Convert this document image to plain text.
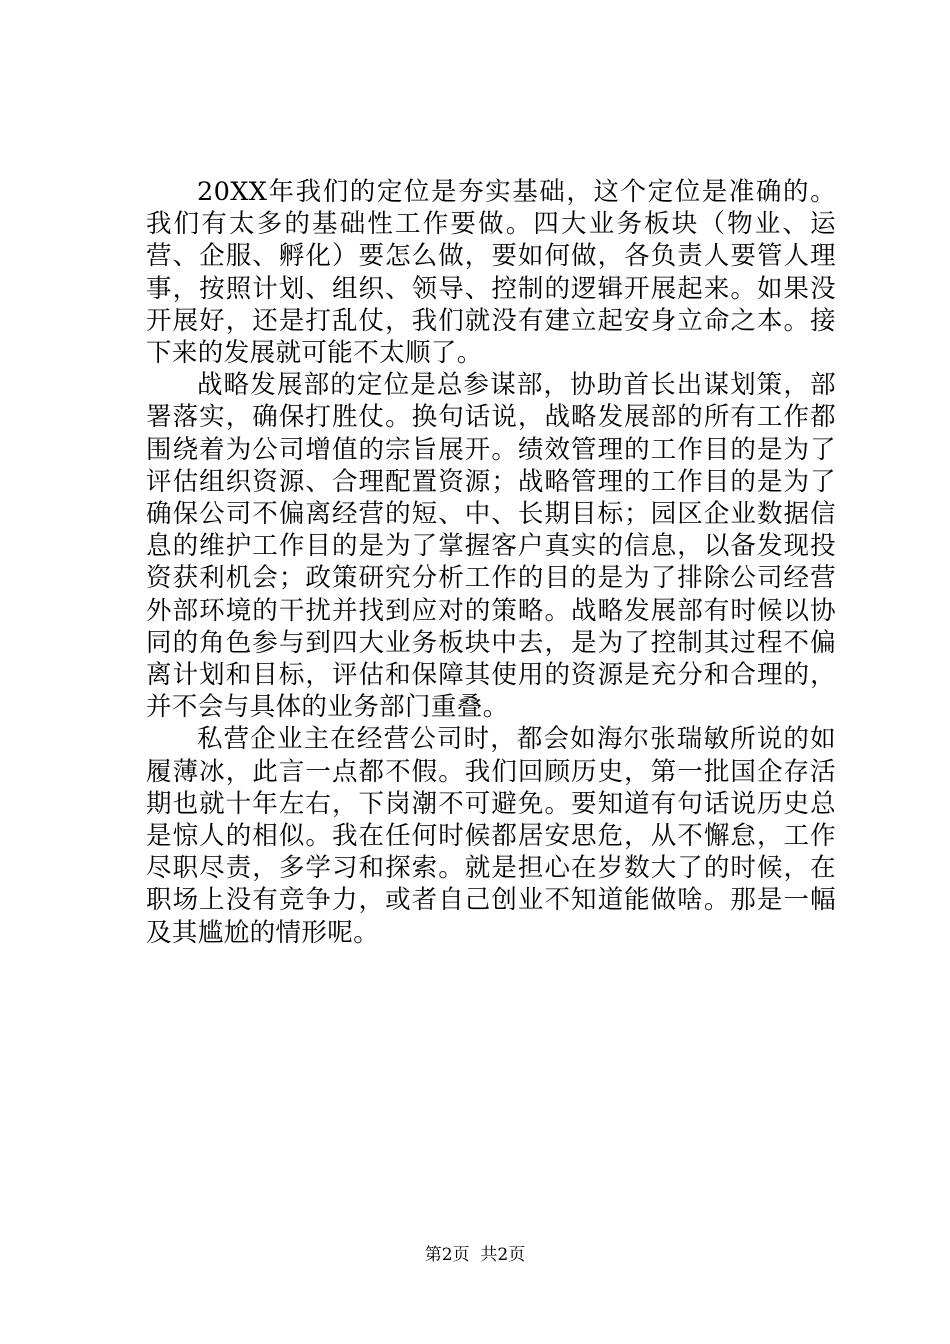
20XX年我们的定位是夯实基础，这个定位是准确的。我们有太多的基础性工作要做。四大业务板块（物业、运营、企服、孵化）要怎么做，要如何做，各负责人要管人理事，按照计划、组织、领导、控制的逻辑开展起来。如果没开展好，还是打乱仗，我们就没有建立起安身立命之本。接下来的发展就可能不太顺了。

战略发展部的定位是总参谋部，协助首长出谋划策，部署落实，确保打胜仗。换句话说，战略发展部的所有工作都围绕着为公司增值的宗旨展开。绩效管理的工作目的是为了评估组织资源、合理配置资源；战略管理的工作目的是为了确保公司不偏离经营的短、中、长期目标；园区企业数据信息的维护工作目的是为了掌握客户真实的信息，以备发现投资获利机会；政策研究分析工作的目的是为了排除公司经营外部环境的干扰并找到应对的策略。战略发展部有时候以协同的角色参与到四大业务板块中去，是为了控制其过程不偏离计划和目标，评估和保障其使用的资源是充分和合理的，并不会与具体的业务部门重叠。

私营企业主在经营公司时，都会如海尔张瑞敏所说的如履薄冰，此言一点都不假。我们回顾历史，第一批国企存活期也就十年左右，下岗潮不可避免。要知道有句话说历史总是惊人的相似。我在任何时候都居安思危，从不懈怠，工作尽职尽责，多学习和探索。就是担心在岁数大了的时候，在职场上没有竞争力，或者自己创业不知道能做啥。那是一幅及其尴尬的情形呢。

第2页  共2页
